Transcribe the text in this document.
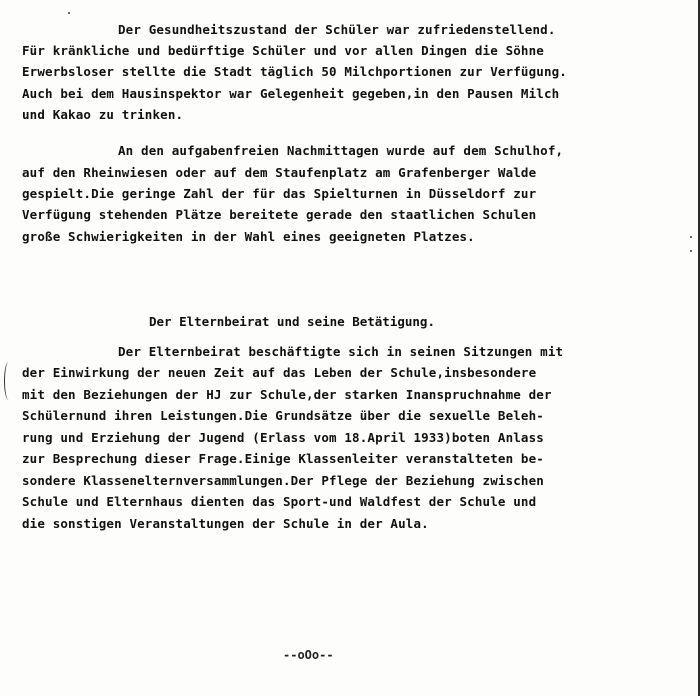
Der Gesundheitszustand der Schüler war zufriedenstellend.
Für kränkliche und bedürftige Schüler und vor allen Dingen die Söhne
Erwerbsloser stellte die Stadt täglich 50 Milchportionen zur Verfügung.
Auch bei dem Hausinspektor war Gelegenheit gegeben,in den Pausen Milch
und Kakao zu trinken.
An den aufgabenfreien Nachmittagen wurde auf dem Schulhof,
auf den Rheinwiesen oder auf dem Staufenplatz am Grafenberger Walde
gespielt.Die geringe Zahl der für das Spielturnen in Düsseldorf zur
Verfügung stehenden Plätze bereitete gerade den staatlichen Schulen
große Schwierigkeiten in der Wahl eines geeigneten Platzes.
Der Elternbeirat und seine Betätigung.
Der Elternbeirat beschäftigte sich in seinen Sitzungen mit
der Einwirkung der neuen Zeit auf das Leben der Schule,insbesondere
mit den Beziehungen der HJ zur Schule,der starken Inanspruchnahme der
Schülernund ihren Leistungen.Die Grundsätze über die sexuelle Beleh-
rung und Erziehung der Jugend (Erlass vom 18.April 1933)boten Anlass
zur Besprechung dieser Frage.Einige Klassenleiter veranstalteten be-
sondere Klassenelternversammlungen.Der Pflege der Beziehung zwischen
Schule und Elternhaus dienten das Sport-und Waldfest der Schule und
die sonstigen Veranstaltungen der Schule in der Aula.
--oOo--
